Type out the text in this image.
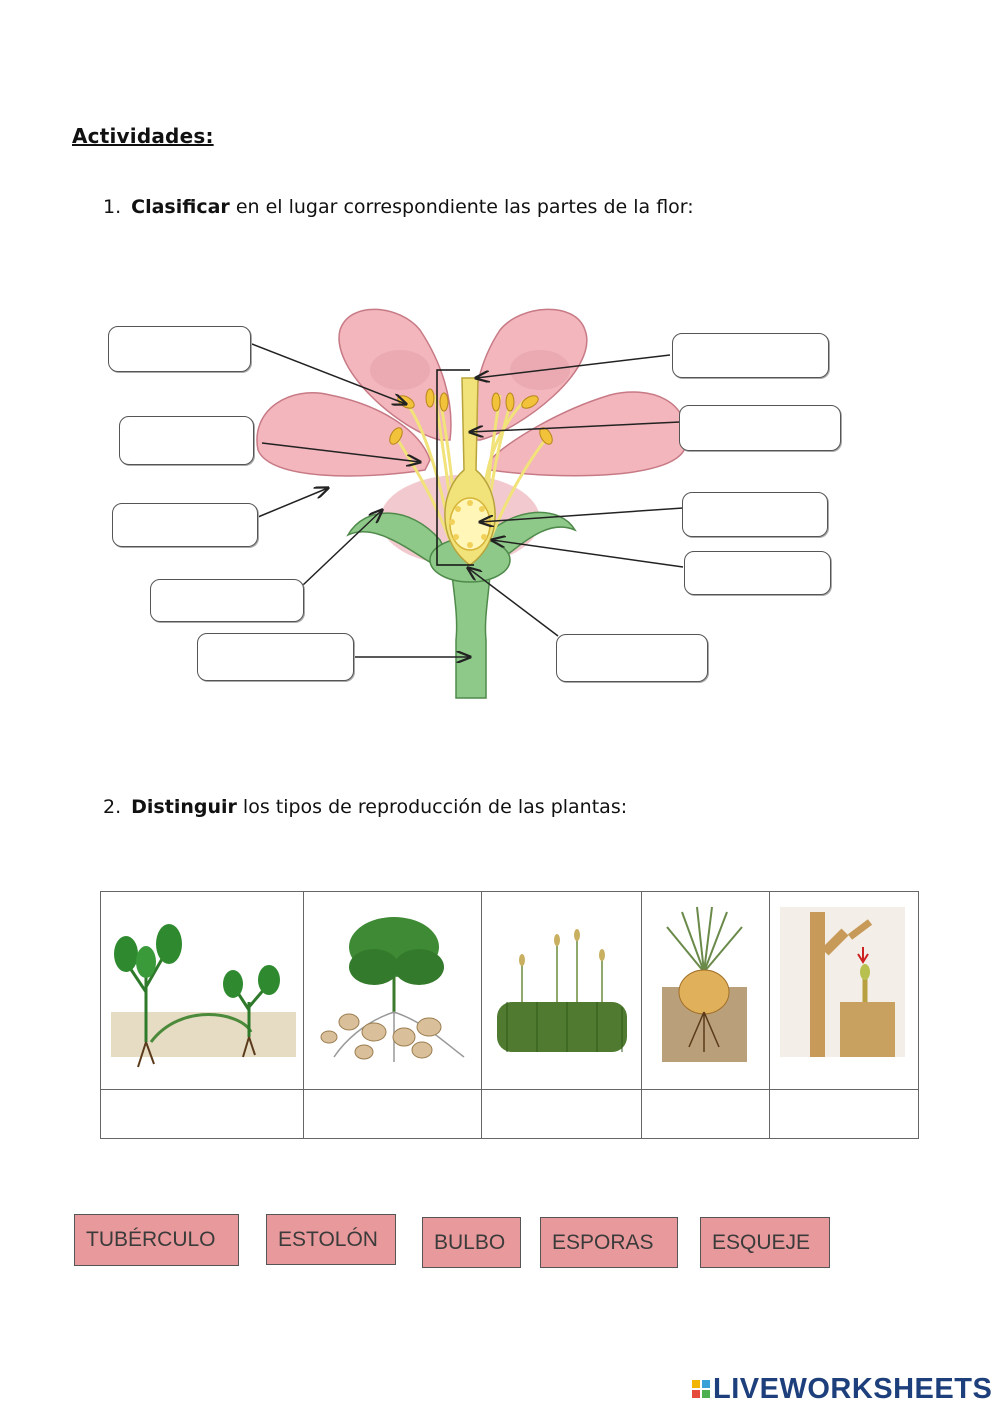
Actividades:
1. Clasificar en el lugar correspondiente las partes de la flor:
2. Distinguir los tipos de reproducción de las plantas:

TUBÉRCULO	ESTOLÓN	BULBO	ESPORAS	ESQUEJE
LIVEWORKSHEETS
